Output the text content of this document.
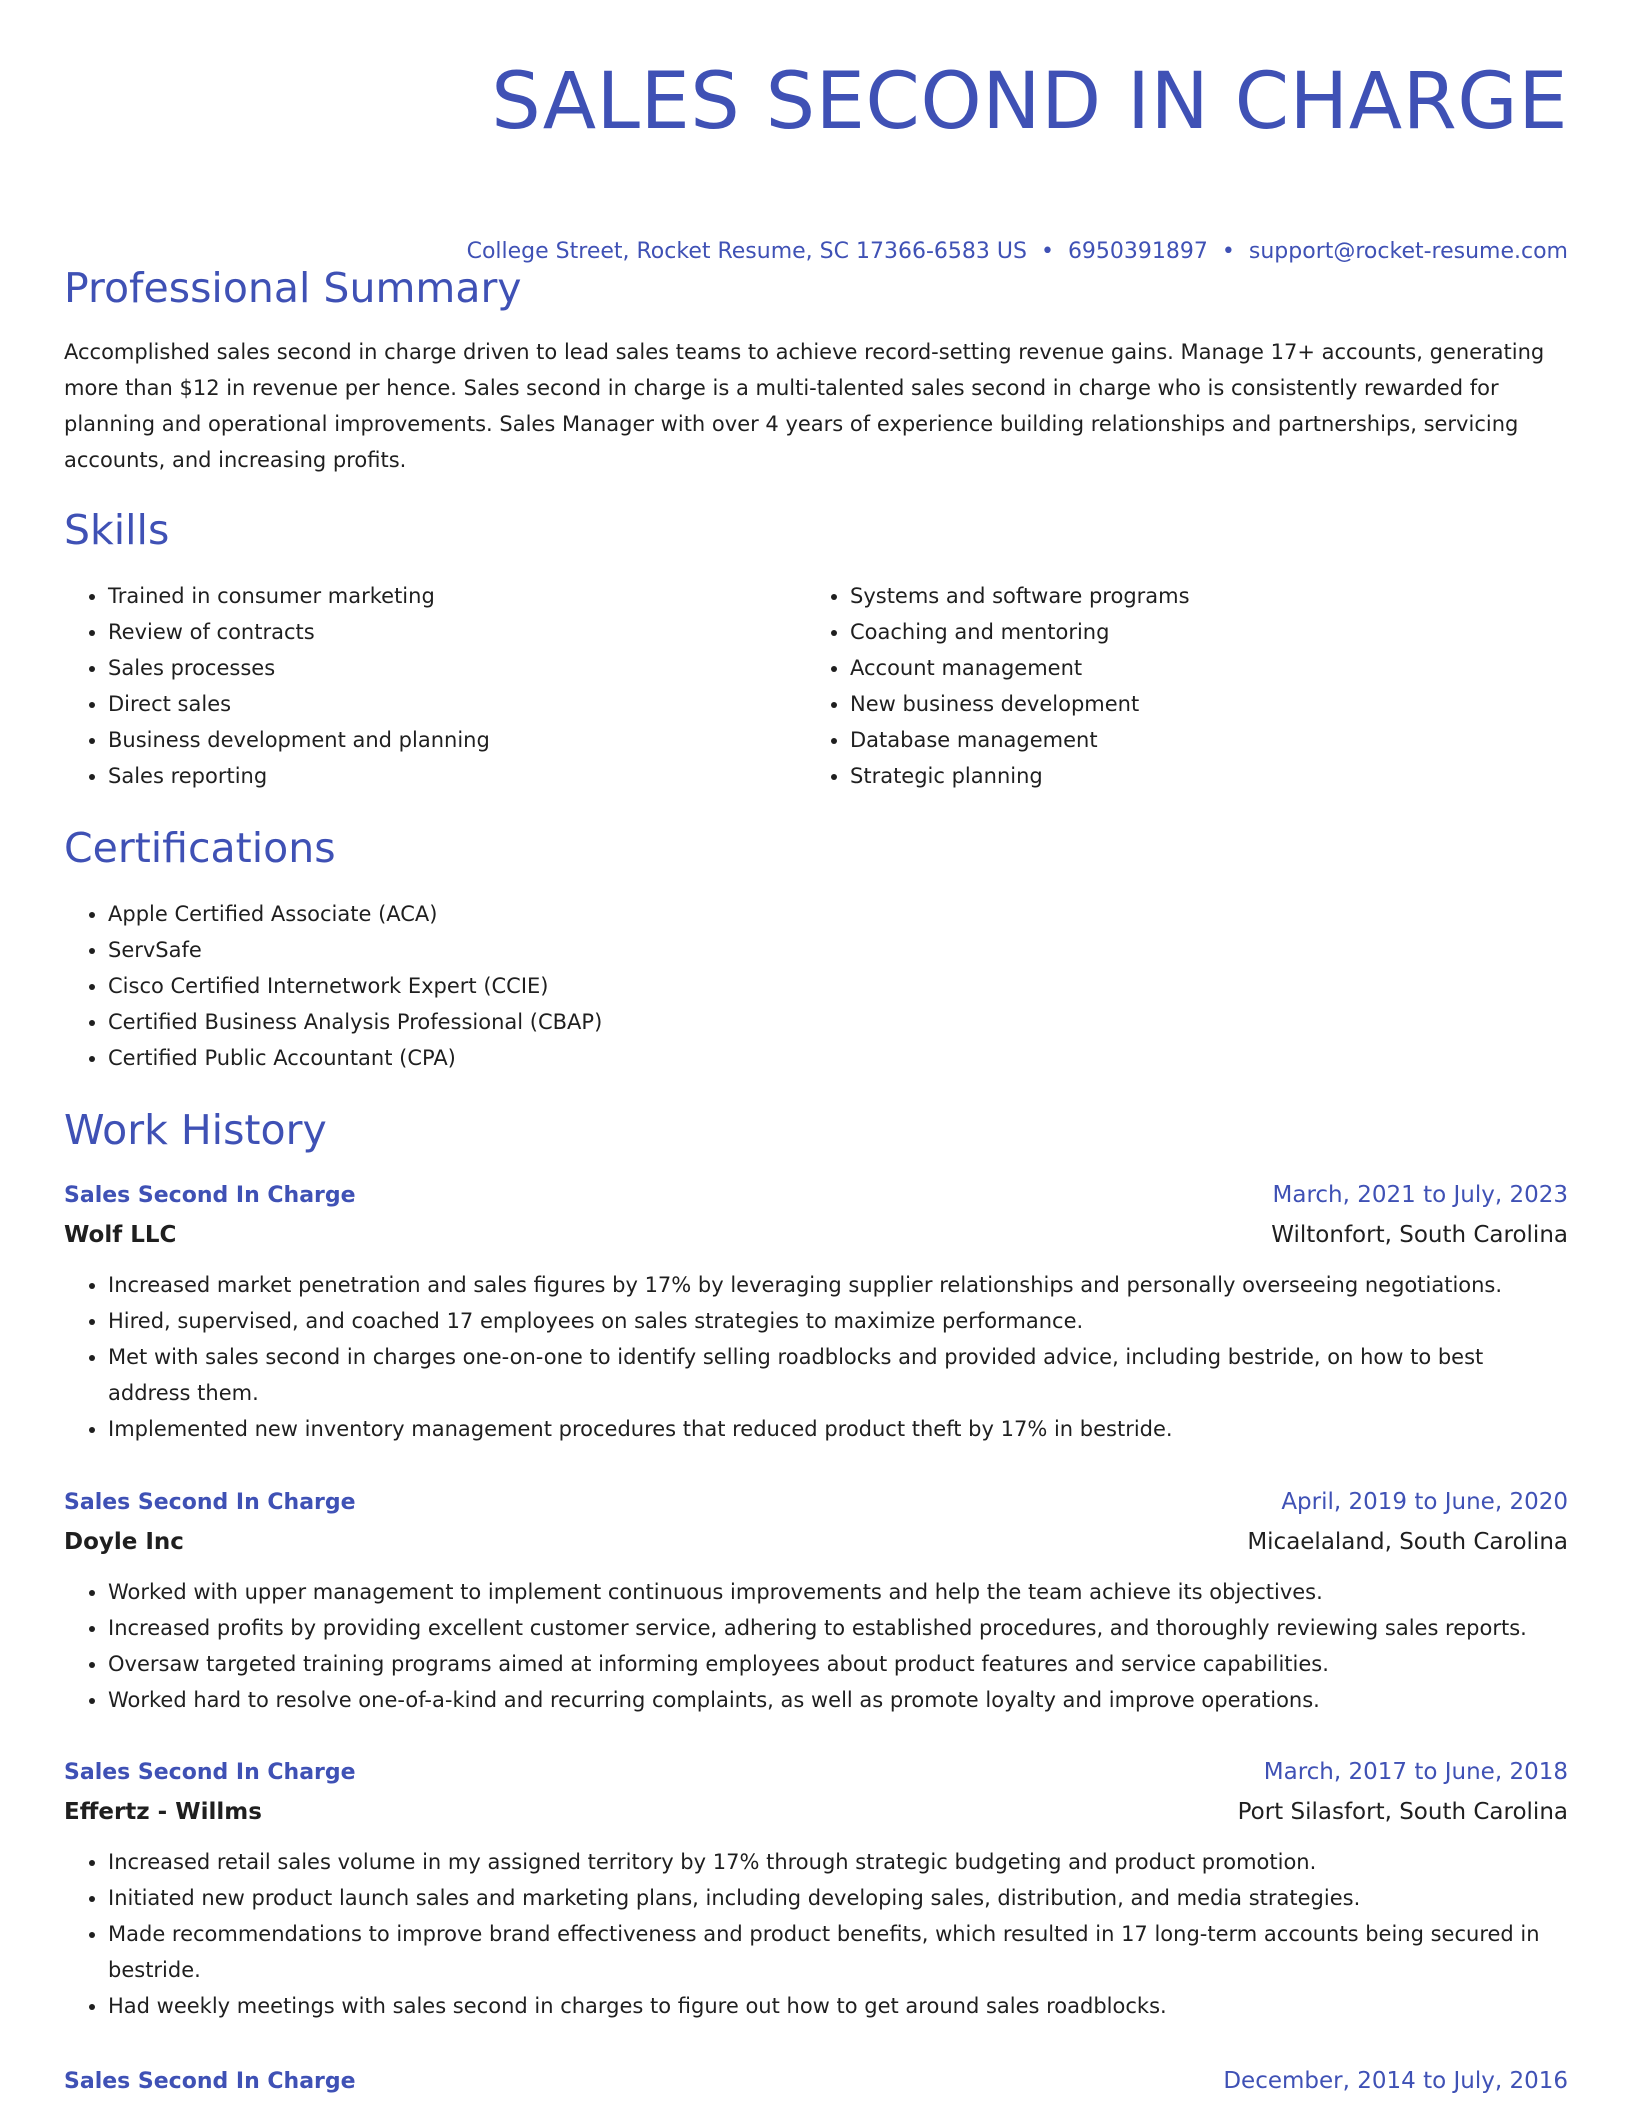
SALES SECOND IN CHARGE
College Street, Rocket Resume, SC 17366-6583 US • 6950391897 • support@rocket-resume.com
Professional Summary

Accomplished sales second in charge driven to lead sales teams to achieve record-setting revenue gains. Manage 17+ accounts, generating more than $12 in revenue per hence. Sales second in charge is a multi-talented sales second in charge who is consistently rewarded for planning and operational improvements. Sales Manager with over 4 years of experience building relationships and partnerships, servicing accounts, and increasing profits.

Skills
• Trained in consumer marketing
• Review of contracts
• Sales processes
• Direct sales
• Business development and planning
• Sales reporting
• Systems and software programs
• Coaching and mentoring
• Account management
• New business development
• Database management
• Strategic planning
Certifications
• Apple Certified Associate (ACA)
• ServSafe
• Cisco Certified Internetwork Expert (CCIE)
• Certified Business Analysis Professional (CBAP)
• Certified Public Accountant (CPA)
Work History
Sales Second In Charge	March, 2021 to July, 2023
Wolf LLC	Wiltonfort, South Carolina
• Increased market penetration and sales figures by 17% by leveraging supplier relationships and personally overseeing negotiations.
• Hired, supervised, and coached 17 employees on sales strategies to maximize performance.
• Met with sales second in charges one-on-one to identify selling roadblocks and provided advice, including bestride, on how to best address them.
• Implemented new inventory management procedures that reduced product theft by 17% in bestride.
Sales Second In Charge	April, 2019 to June, 2020
Doyle Inc	Micaelaland, South Carolina
• Worked with upper management to implement continuous improvements and help the team achieve its objectives.
• Increased profits by providing excellent customer service, adhering to established procedures, and thoroughly reviewing sales reports.
• Oversaw targeted training programs aimed at informing employees about product features and service capabilities.
• Worked hard to resolve one-of-a-kind and recurring complaints, as well as promote loyalty and improve operations.
Sales Second In Charge	March, 2017 to June, 2018
Effertz - Willms	Port Silasfort, South Carolina
• Increased retail sales volume in my assigned territory by 17% through strategic budgeting and product promotion.
• Initiated new product launch sales and marketing plans, including developing sales, distribution, and media strategies.
• Made recommendations to improve brand effectiveness and product benefits, which resulted in 17 long-term accounts being secured in bestride.
• Had weekly meetings with sales second in charges to figure out how to get around sales roadblocks.
Sales Second In Charge	December, 2014 to July, 2016
